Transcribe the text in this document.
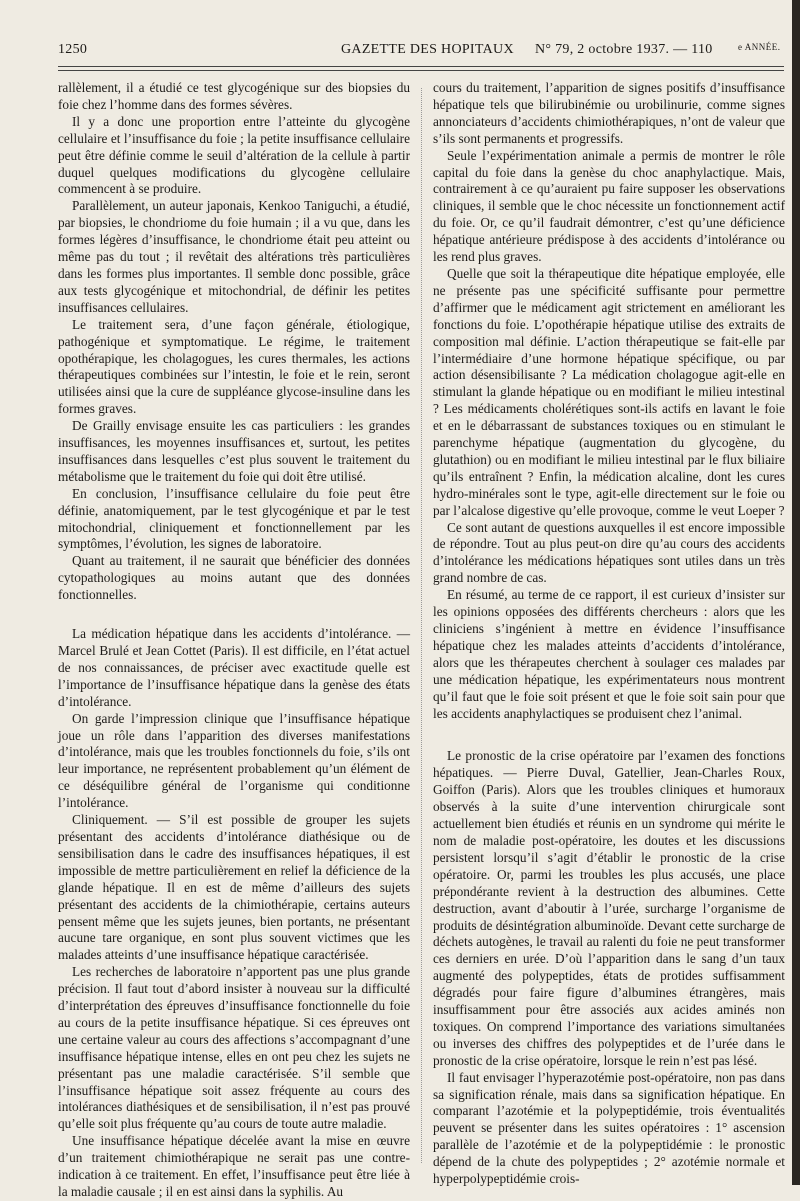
1250	GAZETTE DES HOPITAUX N° 79, 2 octobre 1937. — 110	e ANNÉE.

rallèlement, il a étudié ce test glycogénique sur des biopsies du foie chez l’homme dans des formes sévères.

Il y a donc une proportion entre l’atteinte du glycogène cellulaire et l’insuffisance du foie ; la petite insuffisance cellulaire peut être définie comme le seuil d’altération de la cellule à partir duquel quelques modifications du glycogène cellulaire commencent à se produire.

Parallèlement, un auteur japonais, Kenkoo Taniguchi, a étudié, par biopsies, le chondriome du foie humain ; il a vu que, dans les formes légères d’insuffisance, le chondriome était peu atteint ou même pas du tout ; il revêtait des altérations très particulières dans les formes plus importantes. Il semble donc possible, grâce aux tests glycogénique et mitochondrial, de définir les petites insuffisances cellulaires.

Le traitement sera, d’une façon générale, étiologique, pathogénique et symptomatique. Le régime, le traitement opothérapique, les cholagogues, les cures thermales, les actions thérapeutiques combinées sur l’intestin, le foie et le rein, seront utilisées ainsi que la cure de suppléance glycose-insuline dans les formes graves.

De Grailly envisage ensuite les cas particuliers : les grandes insuffisances, les moyennes insuffisances et, surtout, les petites insuffisances dans lesquelles c’est plus souvent le traitement du métabolisme que le traitement du foie qui doit être utilisé.

En conclusion, l’insuffisance cellulaire du foie peut être définie, anatomiquement, par le test glycogénique et par le test mitochondrial, cliniquement et fonctionnellement par les symptômes, l’évolution, les signes de laboratoire.

Quant au traitement, il ne saurait que bénéficier des données cytopathologiques au moins autant que des données fonctionnelles.

La médication hépatique dans les accidents d’intolérance. — Marcel Brulé et Jean Cottet (Paris). Il est difficile, en l’état actuel de nos connaissances, de préciser avec exactitude quelle est l’importance de l’insuffisance hépatique dans la genèse des états d’intolérance.

On garde l’impression clinique que l’insuffisance hépatique joue un rôle dans l’apparition des diverses manifestations d’intolérance, mais que les troubles fonctionnels du foie, s’ils ont leur importance, ne représentent probablement qu’un élément de ce déséquilibre général de l’organisme qui conditionne l’intolérance.

Cliniquement. — S’il est possible de grouper les sujets présentant des accidents d’intolérance diathésique ou de sensibilisation dans le cadre des insuffisances hépatiques, il est impossible de mettre particulièrement en relief la déficience de la glande hépatique. Il en est de même d’ailleurs des sujets présentant des accidents de la chimiothérapie, certains auteurs pensent même que les sujets jeunes, bien portants, ne présentant aucune tare organique, en sont plus souvent victimes que les malades atteints d’une insuffisance hépatique caractérisée.

Les recherches de laboratoire n’apportent pas une plus grande précision. Il faut tout d’abord insister à nouveau sur la difficulté d’interprétation des épreuves d’insuffisance fonctionnelle du foie au cours de la petite insuffisance hépatique. Si ces épreuves ont une certaine valeur au cours des affections s’accompagnant d’une insuffisance hépatique intense, elles en ont peu chez les sujets ne présentant pas une maladie caractérisée. S’il semble que l’insuffisance hépatique soit assez fréquente au cours des intolérances diathésiques et de sensibilisation, il n’est pas prouvé qu’elle soit plus fréquente qu’au cours de toute autre maladie.

Une insuffisance hépatique décelée avant la mise en œuvre d’un traitement chimiothérapique ne serait pas une contre-indication à ce traitement. En effet, l’insuffisance peut être liée à la maladie causale ; il en est ainsi dans la syphilis. Au

cours du traitement, l’apparition de signes positifs d’insuffisance hépatique tels que bilirubinémie ou urobilinurie, comme signes annonciateurs d’accidents chimiothérapiques, n’ont de valeur que s’ils sont permanents et progressifs.

Seule l’expérimentation animale a permis de montrer le rôle capital du foie dans la genèse du choc anaphylactique. Mais, contrairement à ce qu’auraient pu faire supposer les observations cliniques, il semble que le choc nécessite un fonctionnement actif du foie. Or, ce qu’il faudrait démontrer, c’est qu’une déficience hépatique antérieure prédispose à des accidents d’intolérance ou les rend plus graves.

Quelle que soit la thérapeutique dite hépatique employée, elle ne présente pas une spécificité suffisante pour permettre d’affirmer que le médicament agit strictement en améliorant les fonctions du foie. L’opothérapie hépatique utilise des extraits de composition mal définie. L’action thérapeutique se fait-elle par l’intermédiaire d’une hormone hépatique spécifique, ou par action désensibilisante ? La médication cholagogue agit-elle en stimulant la glande hépatique ou en modifiant le milieu intestinal ? Les médicaments cholérétiques sont-ils actifs en lavant le foie et en le débarrassant de substances toxiques ou en stimulant le parenchyme hépatique (augmentation du glycogène, du glutathion) ou en modifiant le milieu intestinal par le flux biliaire qu’ils entraînent ? Enfin, la médication alcaline, dont les cures hydro-minérales sont le type, agit-elle directement sur le foie ou par l’alcalose digestive qu’elle provoque, comme le veut Loeper ?

Ce sont autant de questions auxquelles il est encore impossible de répondre. Tout au plus peut-on dire qu’au cours des accidents d’intolérance les médications hépatiques sont utiles dans un très grand nombre de cas.

En résumé, au terme de ce rapport, il est curieux d’insister sur les opinions opposées des différents chercheurs : alors que les cliniciens s’ingénient à mettre en évidence l’insuffisance hépatique chez les malades atteints d’accidents d’intolérance, alors que les thérapeutes cherchent à soulager ces malades par une médication hépatique, les expérimentateurs nous montrent qu’il faut que le foie soit présent et que le foie soit sain pour que les accidents anaphylactiques se produisent chez l’animal.

Le pronostic de la crise opératoire par l’examen des fonctions hépatiques. — Pierre Duval, Gatellier, Jean-Charles Roux, Goiffon (Paris). Alors que les troubles cliniques et humoraux observés à la suite d’une intervention chirurgicale sont actuellement bien étudiés et réunis en un syndrome qui mérite le nom de maladie post-opératoire, les doutes et les discussions persistent lorsqu’il s’agit d’établir le pronostic de la crise opératoire. Or, parmi les troubles les plus accusés, une place prépondérante revient à la destruction des albumines. Cette destruction, avant d’aboutir à l’urée, surcharge l’organisme de produits de désintégration albuminoïde. Devant cette surcharge de déchets autogènes, le travail au ralenti du foie ne peut transformer ces derniers en urée. D’où l’apparition dans le sang d’un taux augmenté des polypeptides, états de protides suffisamment dégradés pour faire figure d’albumines étrangères, mais insuffisamment pour être associés aux acides aminés non toxiques. On comprend l’importance des variations simultanées ou inverses des chiffres des polypeptides et de l’urée dans le pronostic de la crise opératoire, lorsque le rein n’est pas lésé.

Il faut envisager l’hyperazotémie post-opératoire, non pas dans sa signification rénale, mais dans sa signification hépatique. En comparant l’azotémie et la polypeptidémie, trois éventualités peuvent se présenter dans les suites opératoires : 1° ascension parallèle de l’azotémie et de la polypeptidémie : le pronostic dépend de la chute des polypeptides ; 2° azotémie normale et hyperpolypeptidémie crois-
